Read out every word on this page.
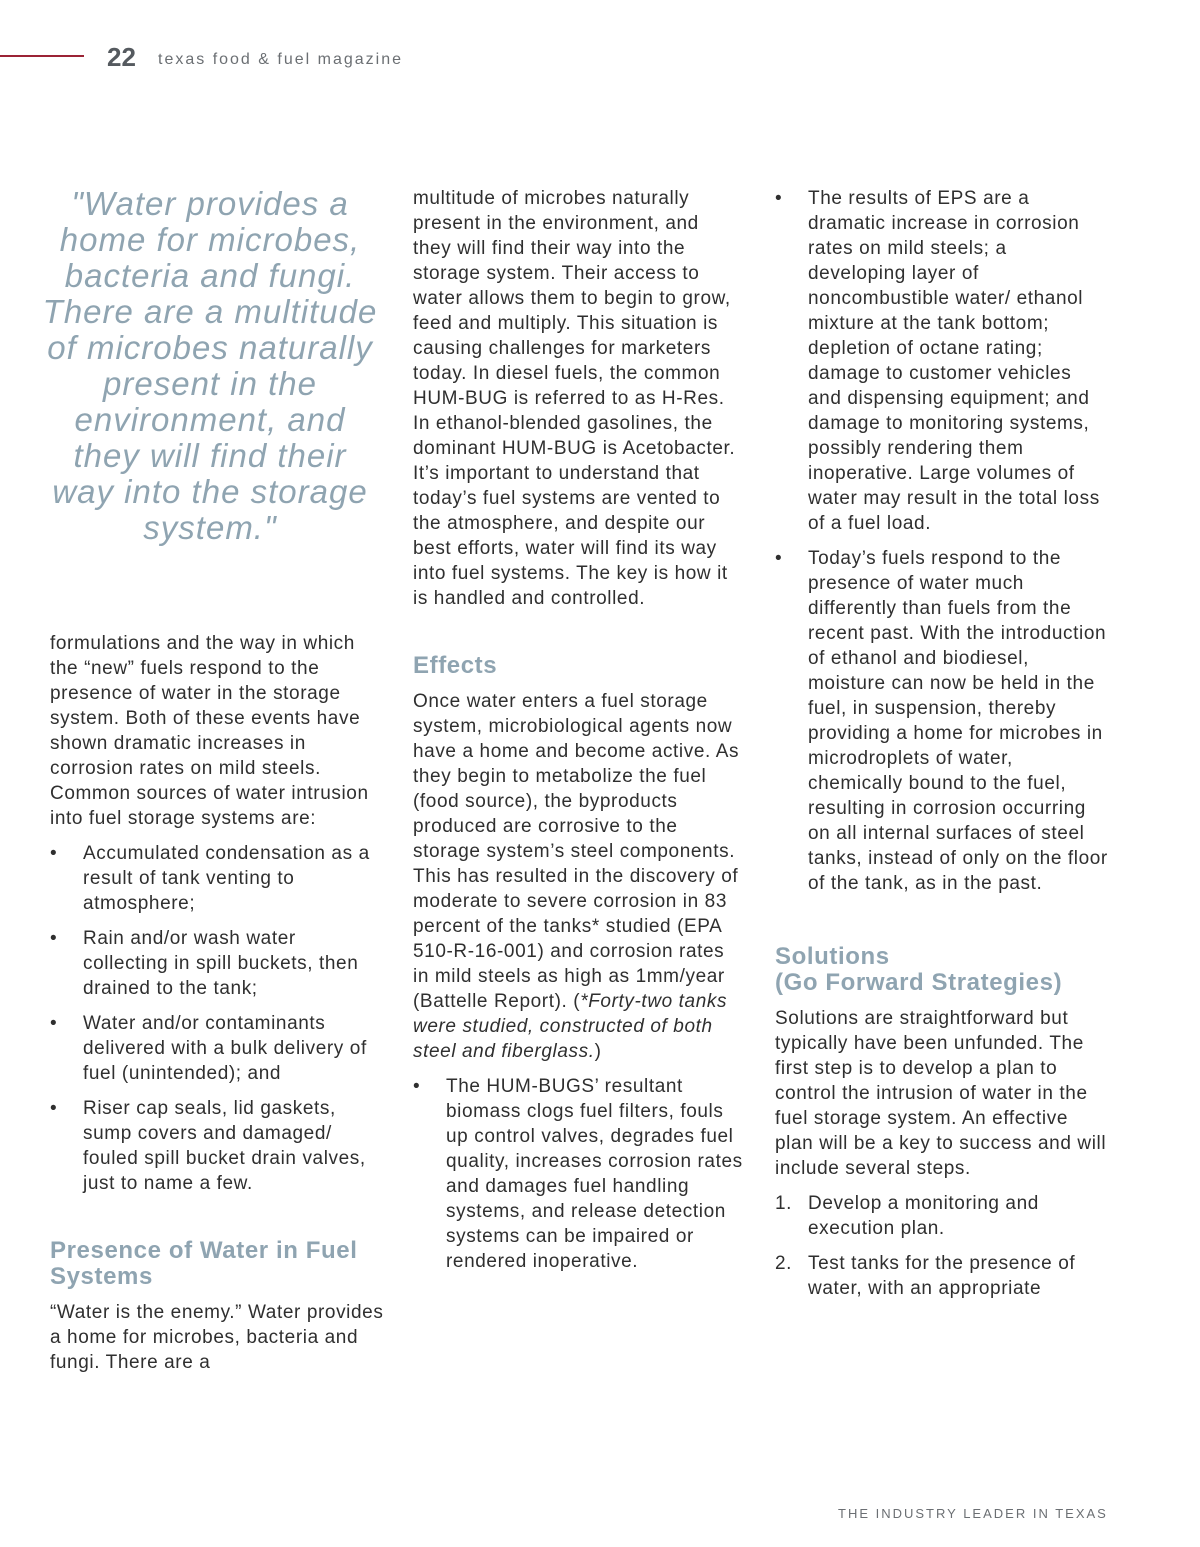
22 texas food & fuel magazine
"Water provides a home for microbes, bacteria and fungi. There are a multitude of microbes naturally present in the environment, and they will find their way into the storage system."

formulations and the way in which the “new” fuels respond to the presence of water in the storage system. Both of these events have shown dramatic increases in corrosion rates on mild steels. Common sources of water intrusion into fuel storage systems are:

• Accumulated condensation as a result of tank venting to atmosphere;
• Rain and/or wash water collecting in spill buckets, then drained to the tank;
• Water and/or contaminants delivered with a bulk delivery of fuel (unintended); and
• Riser cap seals, lid gaskets, sump covers and damaged/ fouled spill bucket drain valves, just to name a few.
Presence of Water in Fuel Systems

“Water is the enemy.” Water provides a home for microbes, bacteria and fungi. There are a

multitude of microbes naturally present in the environment, and they will find their way into the storage system. Their access to water allows them to begin to grow, feed and multiply. This situation is causing challenges for marketers today. In diesel fuels, the common HUM-BUG is referred to as H-Res. In ethanol-blended gasolines, the dominant HUM-BUG is Acetobacter. It’s important to understand that today’s fuel systems are vented to the atmosphere, and despite our best efforts, water will find its way into fuel systems. The key is how it is handled and controlled.

Effects

Once water enters a fuel storage system, microbiological agents now have a home and become active. As they begin to metabolize the fuel (food source), the byproducts produced are corrosive to the storage system’s steel components. This has resulted in the discovery of moderate to severe corrosion in 83 percent of the tanks* studied (EPA 510-R-16-001) and corrosion rates in mild steels as high as 1mm/year (Battelle Report). (*Forty-two tanks were studied, constructed of both steel and fiberglass.)

• The HUM-BUGS’ resultant biomass clogs fuel filters, fouls up control valves, degrades fuel quality, increases corrosion rates and damages fuel handling systems, and release detection systems can be impaired or rendered inoperative.
• The results of EPS are a dramatic increase in corrosion rates on mild steels; a developing layer of noncombustible water/ ethanol mixture at the tank bottom; depletion of octane rating; damage to customer vehicles and dispensing equipment; and damage to monitoring systems, possibly rendering them inoperative. Large volumes of water may result in the total loss of a fuel load.
• Today’s fuels respond to the presence of water much differently than fuels from the recent past. With the introduction of ethanol and biodiesel, moisture can now be held in the fuel, in suspension, thereby providing a home for microbes in microdroplets of water, chemically bound to the fuel, resulting in corrosion occurring on all internal surfaces of steel tanks, instead of only on the floor of the tank, as in the past.
Solutions
(Go Forward Strategies)

Solutions are straightforward but typically have been unfunded. The first step is to develop a plan to control the intrusion of water in the fuel storage system. An effective plan will be a key to success and will include several steps.

1. Develop a monitoring and execution plan.
2. Test tanks for the presence of water, with an appropriate
THE INDUSTRY LEADER IN TEXAS
